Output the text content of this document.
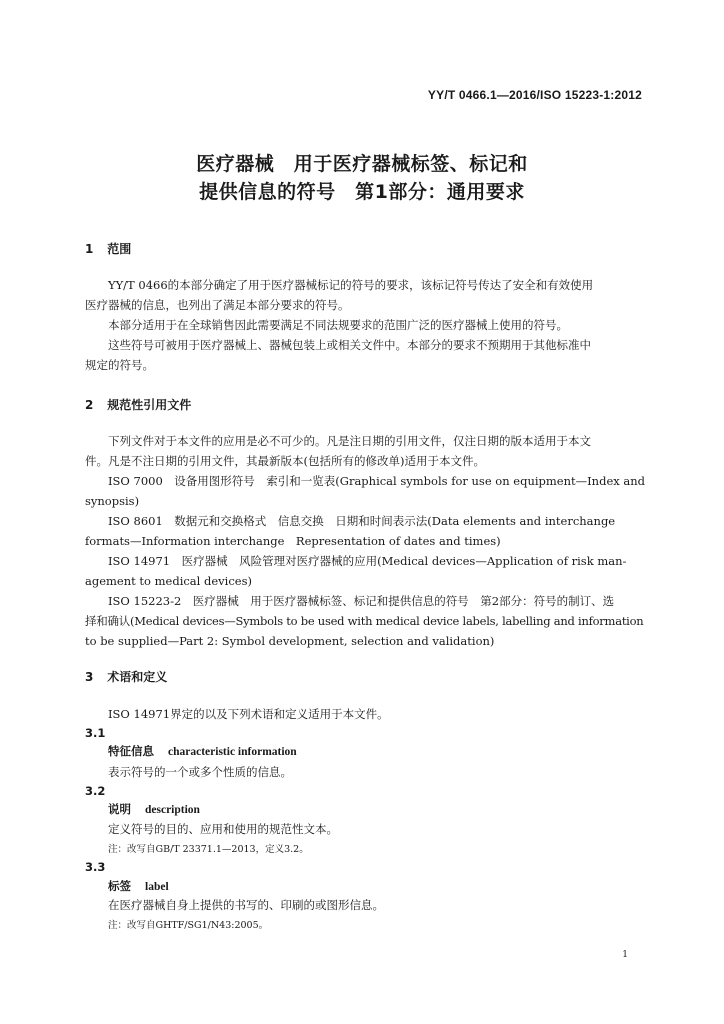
YY/T 0466.1—2016/ISO 15223-1:2012
医疗器械　用于医疗器械标签、标记和
提供信息的符号　第1部分：通用要求
1 范围
YY/T 0466的本部分确定了用于医疗器械标记的符号的要求，该标记符号传达了安全和有效使用
医疗器械的信息，也列出了满足本部分要求的符号。
本部分适用于在全球销售因此需要满足不同法规要求的范围广泛的医疗器械上使用的符号。
这些符号可被用于医疗器械上、器械包装上或相关文件中。本部分的要求不预期用于其他标准中
规定的符号。
2 规范性引用文件
下列文件对于本文件的应用是必不可少的。凡是注日期的引用文件，仅注日期的版本适用于本文
件。凡是不注日期的引用文件，其最新版本(包括所有的修改单)适用于本文件。
ISO 7000　设备用图形符号　索引和一览表(Graphical symbols for use on equipment—Index and
synopsis)
ISO 8601　数据元和交换格式　信息交换　日期和时间表示法(Data elements and interchange
formats—Information interchange　Representation of dates and times)
ISO 14971　医疗器械　风险管理对医疗器械的应用(Medical devices—Application of risk man-
agement to medical devices)
ISO 15223-2　医疗器械　用于医疗器械标签、标记和提供信息的符号　第2部分：符号的制订、选
择和确认(Medical devices—Symbols to be used with medical device labels, labelling and information
to be supplied—Part 2: Symbol development, selection and validation)
3 术语和定义
ISO 14971界定的以及下列术语和定义适用于本文件。
3.1
特征信息 characteristic information
表示符号的一个或多个性质的信息。
3.2
说明 description
定义符号的目的、应用和使用的规范性文本。
注：改写自GB/T 23371.1—2013，定义3.2。
3.3
标签 label
在医疗器械自身上提供的书写的、印刷的或图形信息。
注：改写自GHTF/SG1/N43:2005。
1
